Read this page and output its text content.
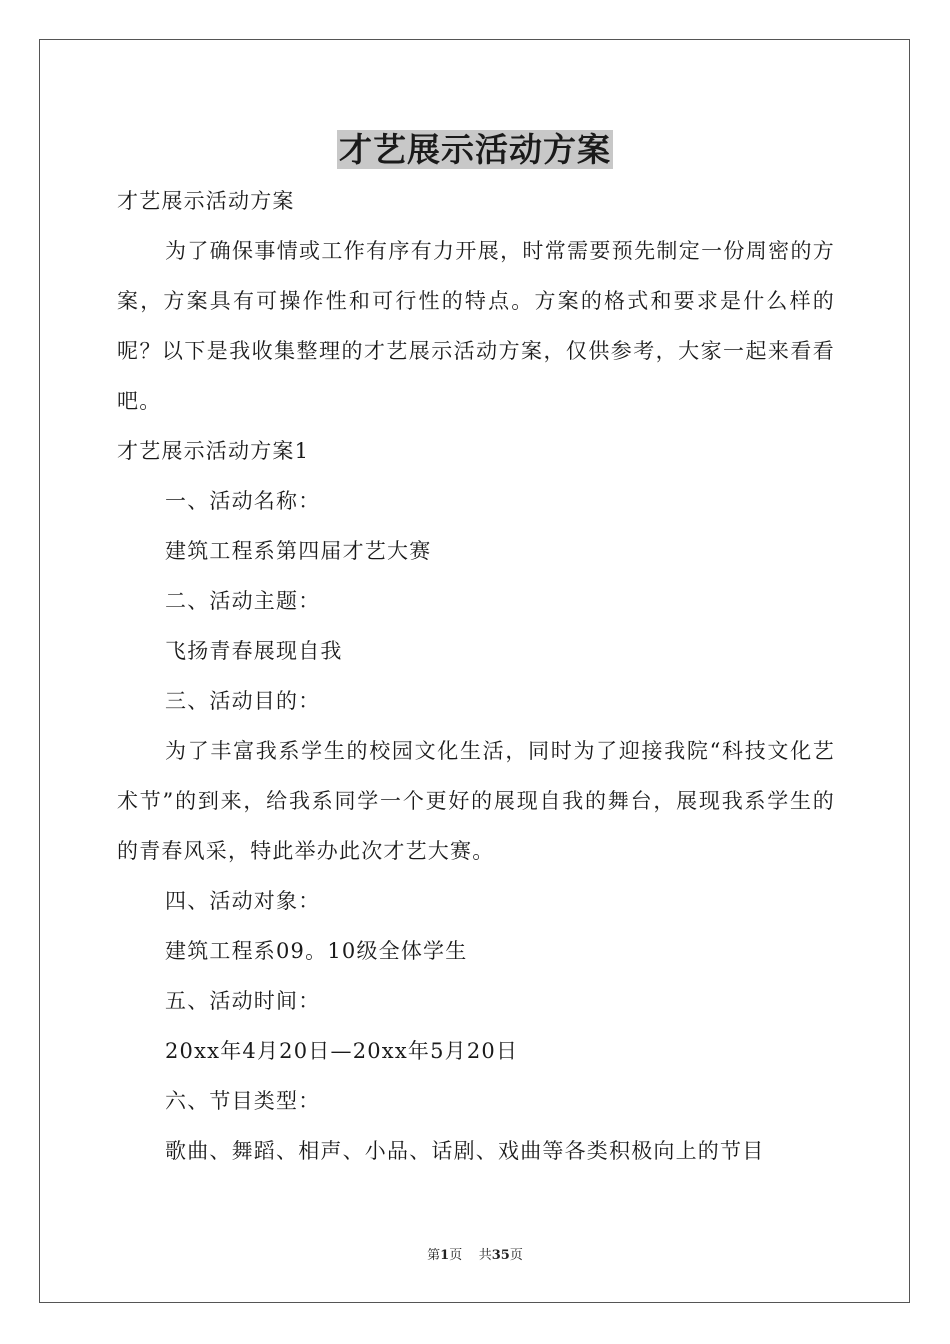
才艺展示活动方案

才艺展示活动方案

为了确保事情或工作有序有力开展，时常需要预先制定一份周密的方案，方案具有可操作性和可行性的特点。方案的格式和要求是什么样的呢？以下是我收集整理的才艺展示活动方案，仅供参考，大家一起来看看吧。

才艺展示活动方案1

一、活动名称：

建筑工程系第四届才艺大赛

二、活动主题：

飞扬青春展现自我

三、活动目的：

为了丰富我系学生的校园文化生活，同时为了迎接我院“科技文化艺术节”的到来，给我系同学一个更好的展现自我的舞台，展现我系学生的的青春风采，特此举办此次才艺大赛。

四、活动对象：

建筑工程系09。10级全体学生

五、活动时间：

20xx年4月20日—20xx年5月20日

六、节目类型：

歌曲、舞蹈、相声、小品、话剧、戏曲等各类积极向上的节目

第1页 共35页
